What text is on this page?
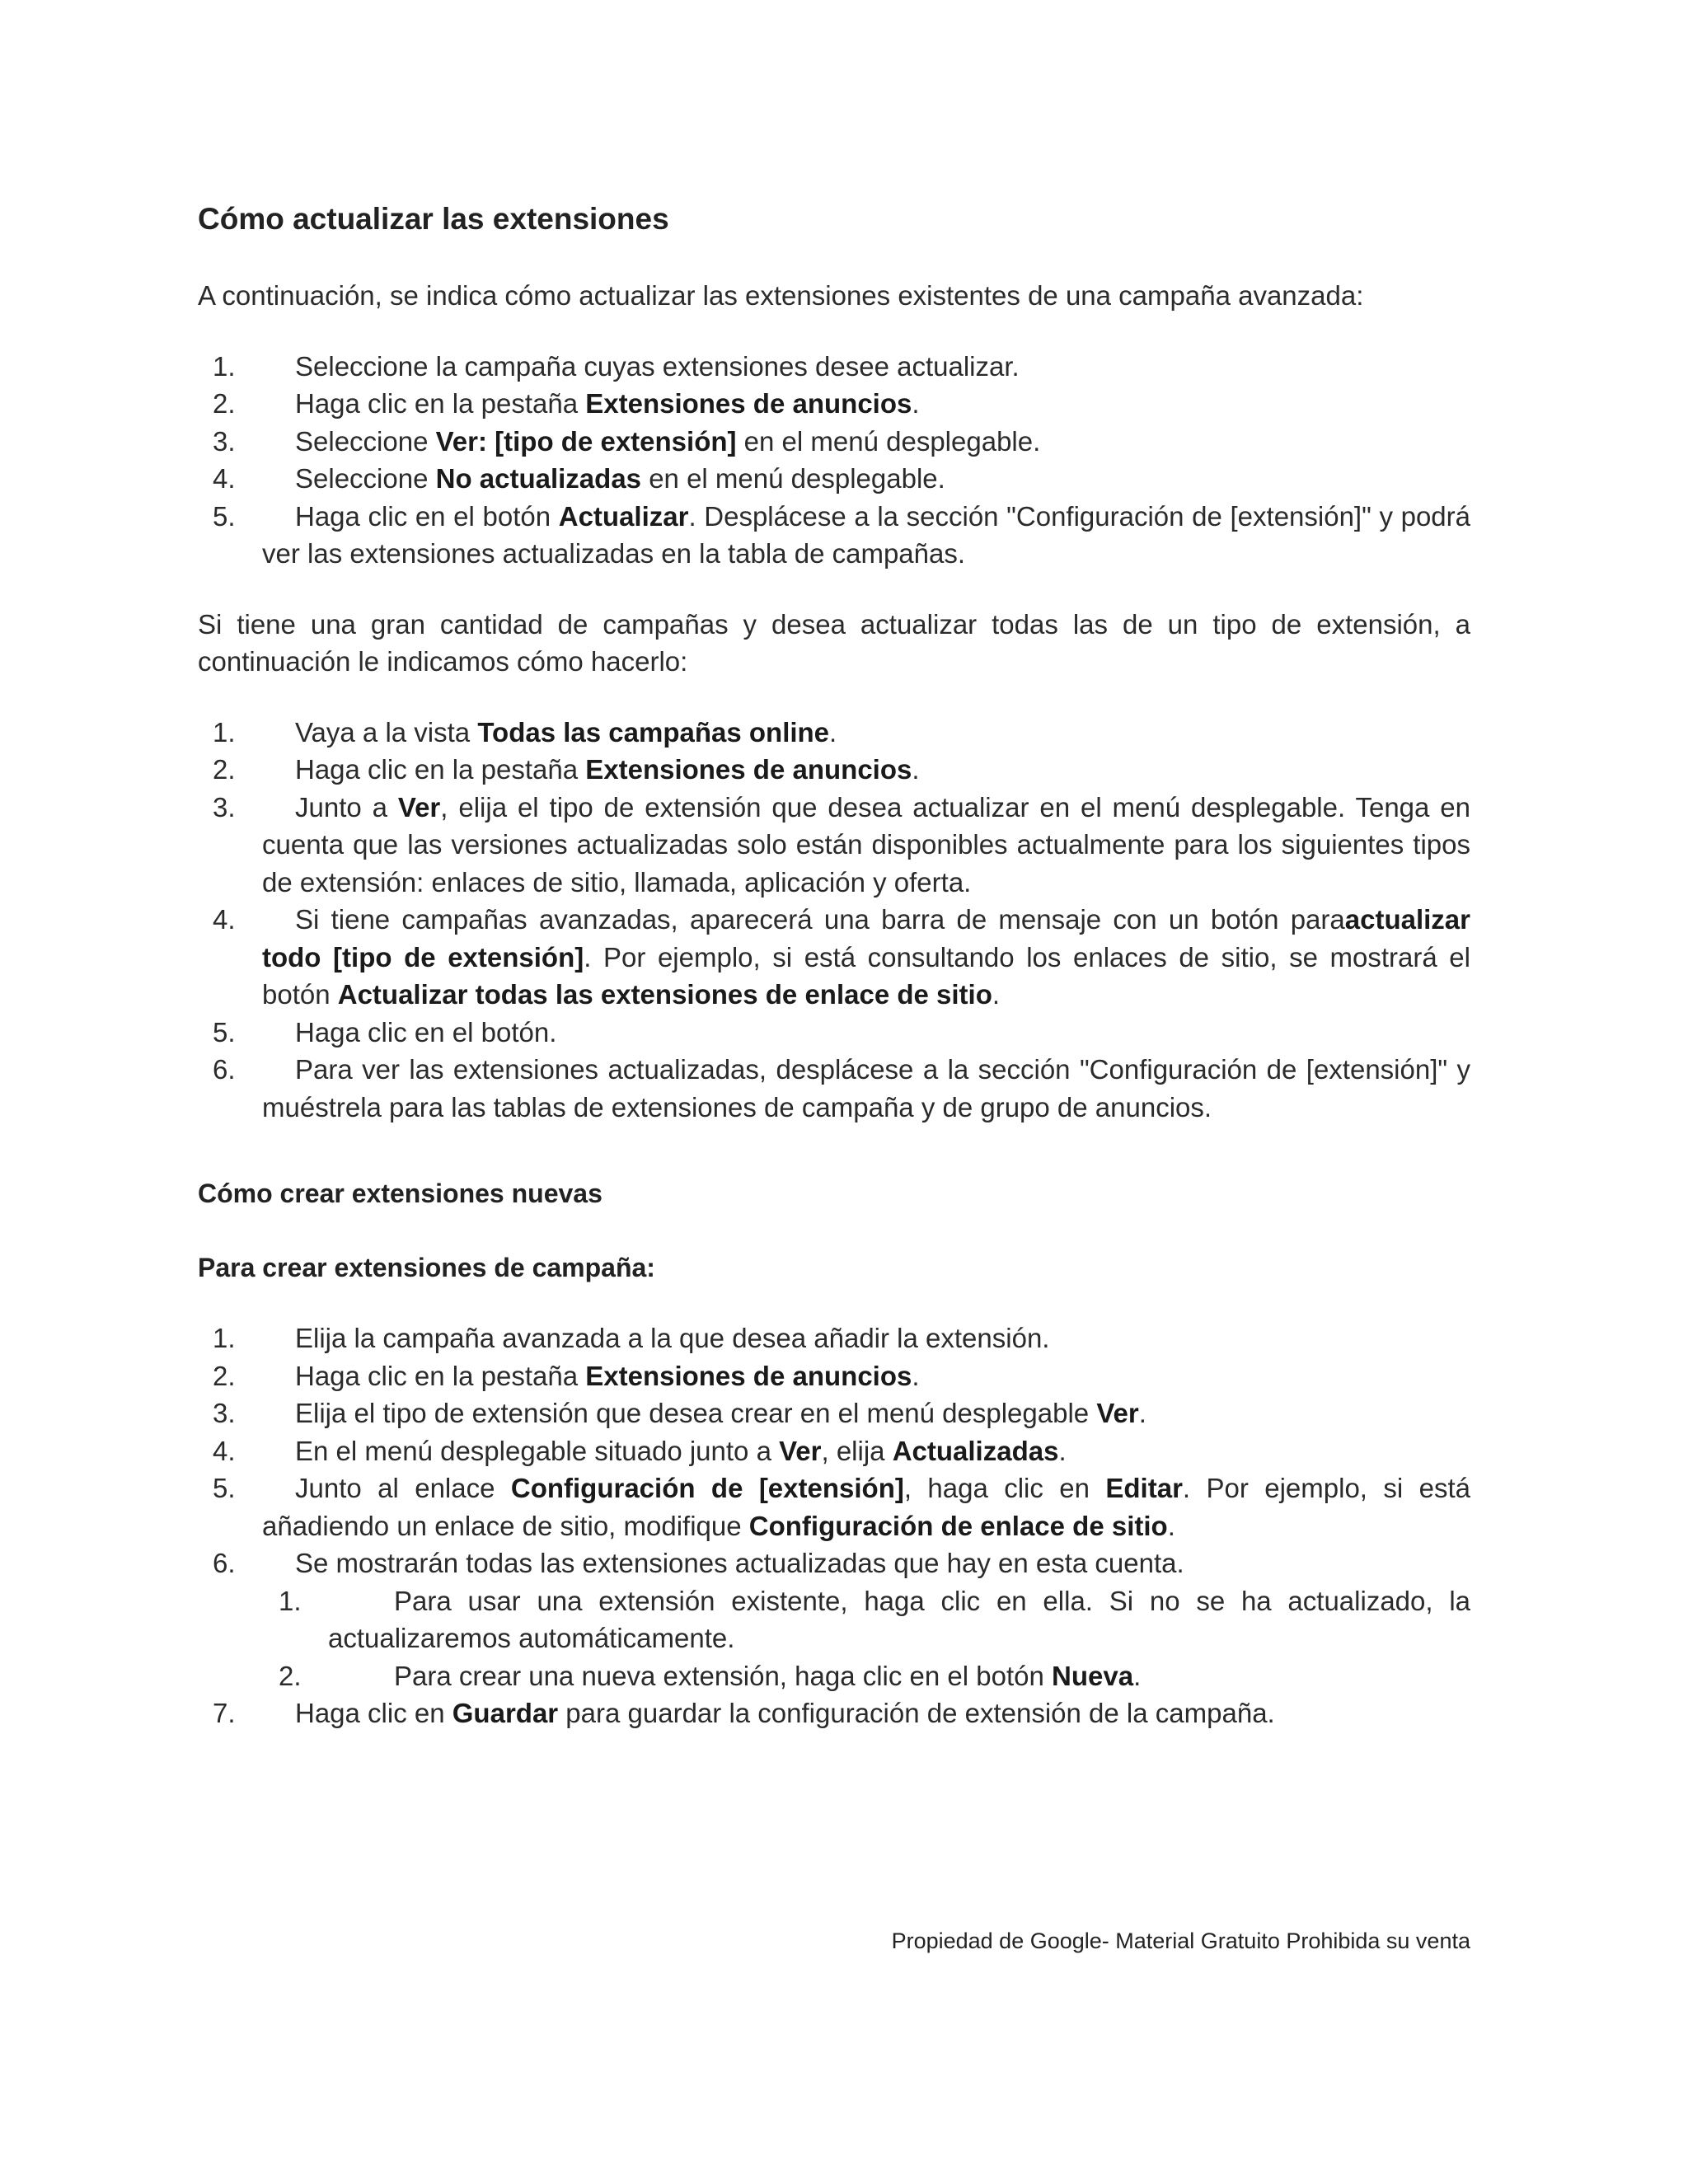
Cómo actualizar las extensiones

A continuación, se indica cómo actualizar las extensiones existentes de una campaña avanzada:

1.	Seleccione la campaña cuyas extensiones desee actualizar.
2.	Haga clic en la pestaña Extensiones de anuncios.
3.	Seleccione Ver: [tipo de extensión] en el menú desplegable.
4.	Seleccione No actualizadas en el menú desplegable.
5.	Haga clic en el botón Actualizar. Desplácese a la sección "Configuración de [extensión]" y podrá ver las extensiones actualizadas en la tabla de campañas.

Si tiene una gran cantidad de campañas y desea actualizar todas las de un tipo de extensión, a continuación le indicamos cómo hacerlo:

1.	Vaya a la vista Todas las campañas online.
2.	Haga clic en la pestaña Extensiones de anuncios.
3.	Junto a Ver, elija el tipo de extensión que desea actualizar en el menú desplegable. Tenga en cuenta que las versiones actualizadas solo están disponibles actualmente para los siguientes tipos de extensión: enlaces de sitio, llamada, aplicación y oferta.
4.	Si tiene campañas avanzadas, aparecerá una barra de mensaje con un botón paraactualizar todo [tipo de extensión]. Por ejemplo, si está consultando los enlaces de sitio, se mostrará el botón Actualizar todas las extensiones de enlace de sitio.
5.	Haga clic en el botón.
6.	Para ver las extensiones actualizadas, desplácese a la sección "Configuración de [extensión]" y muéstrela para las tablas de extensiones de campaña y de grupo de anuncios.
Cómo crear extensiones nuevas
Para crear extensiones de campaña:
1.	Elija la campaña avanzada a la que desea añadir la extensión.
2.	Haga clic en la pestaña Extensiones de anuncios.
3.	Elija el tipo de extensión que desea crear en el menú desplegable Ver.
4.	En el menú desplegable situado junto a Ver, elija Actualizadas.
5.	Junto al enlace Configuración de [extensión], haga clic en Editar. Por ejemplo, si está añadiendo un enlace de sitio, modifique Configuración de enlace de sitio.
6.	Se mostrarán todas las extensiones actualizadas que hay en esta cuenta.
1.	Para usar una extensión existente, haga clic en ella. Si no se ha actualizado, la actualizaremos automáticamente.
2.	Para crear una nueva extensión, haga clic en el botón Nueva.
7.	Haga clic en Guardar para guardar la configuración de extensión de la campaña.
Propiedad de Google- Material Gratuito Prohibida su venta
